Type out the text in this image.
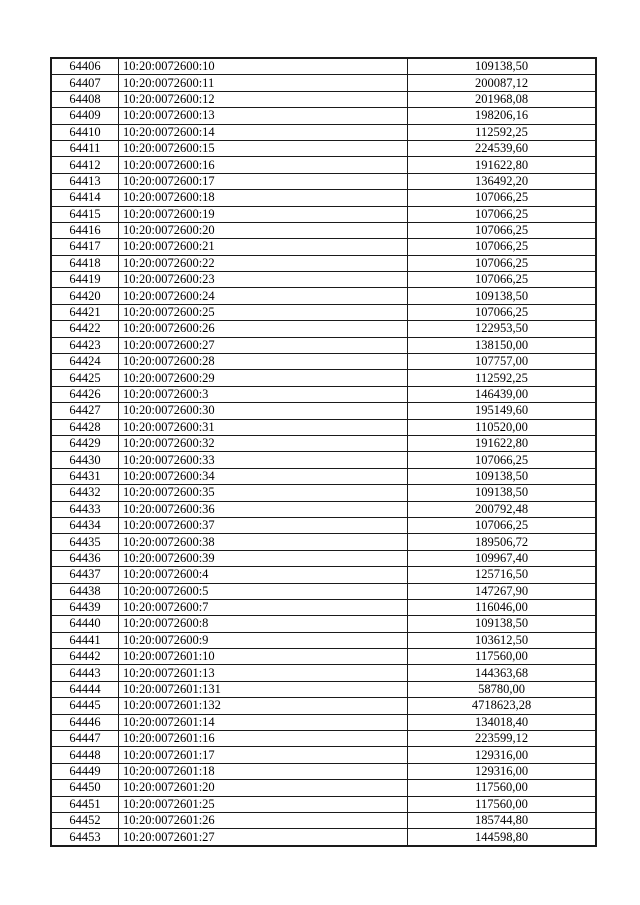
64406	10:20:0072600:10	109138,50
64407	10:20:0072600:11	200087,12
64408	10:20:0072600:12	201968,08
64409	10:20:0072600:13	198206,16
64410	10:20:0072600:14	112592,25
64411	10:20:0072600:15	224539,60
64412	10:20:0072600:16	191622,80
64413	10:20:0072600:17	136492,20
64414	10:20:0072600:18	107066,25
64415	10:20:0072600:19	107066,25
64416	10:20:0072600:20	107066,25
64417	10:20:0072600:21	107066,25
64418	10:20:0072600:22	107066,25
64419	10:20:0072600:23	107066,25
64420	10:20:0072600:24	109138,50
64421	10:20:0072600:25	107066,25
64422	10:20:0072600:26	122953,50
64423	10:20:0072600:27	138150,00
64424	10:20:0072600:28	107757,00
64425	10:20:0072600:29	112592,25
64426	10:20:0072600:3	146439,00
64427	10:20:0072600:30	195149,60
64428	10:20:0072600:31	110520,00
64429	10:20:0072600:32	191622,80
64430	10:20:0072600:33	107066,25
64431	10:20:0072600:34	109138,50
64432	10:20:0072600:35	109138,50
64433	10:20:0072600:36	200792,48
64434	10:20:0072600:37	107066,25
64435	10:20:0072600:38	189506,72
64436	10:20:0072600:39	109967,40
64437	10:20:0072600:4	125716,50
64438	10:20:0072600:5	147267,90
64439	10:20:0072600:7	116046,00
64440	10:20:0072600:8	109138,50
64441	10:20:0072600:9	103612,50
64442	10:20:0072601:10	117560,00
64443	10:20:0072601:13	144363,68
64444	10:20:0072601:131	58780,00
64445	10:20:0072601:132	4718623,28
64446	10:20:0072601:14	134018,40
64447	10:20:0072601:16	223599,12
64448	10:20:0072601:17	129316,00
64449	10:20:0072601:18	129316,00
64450	10:20:0072601:20	117560,00
64451	10:20:0072601:25	117560,00
64452	10:20:0072601:26	185744,80
64453	10:20:0072601:27	144598,80
